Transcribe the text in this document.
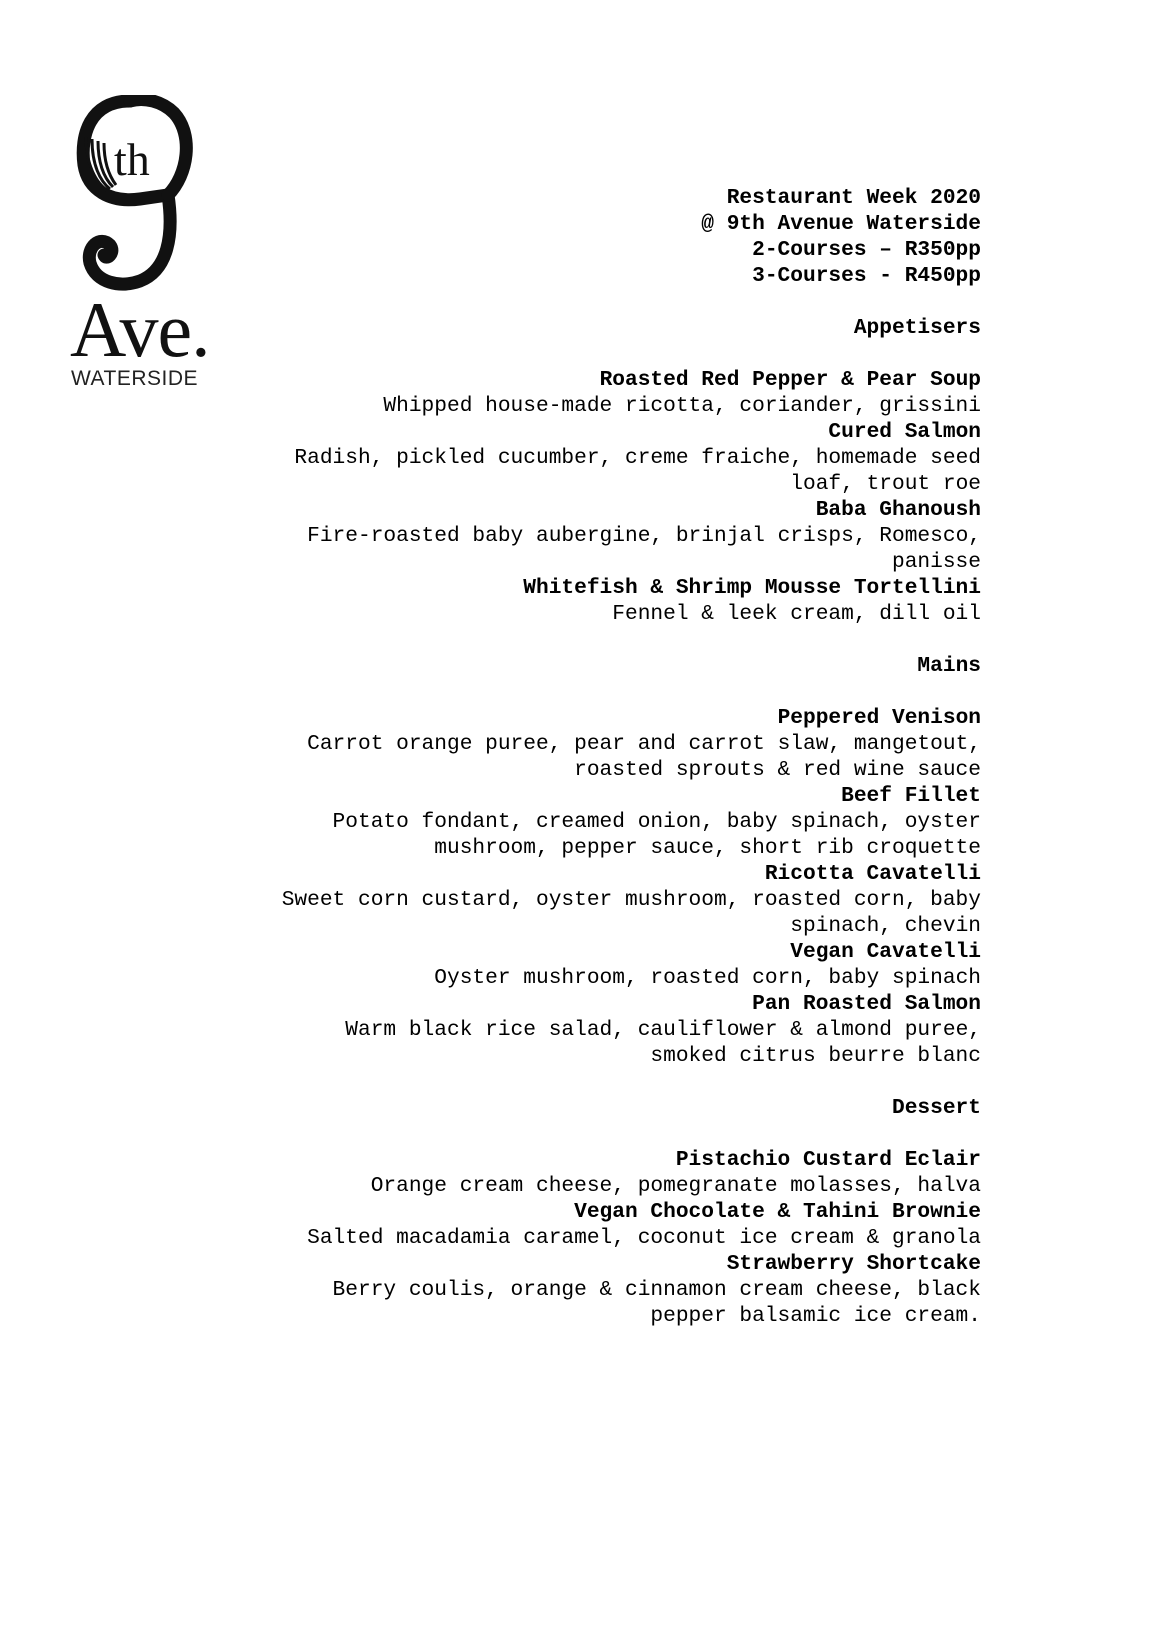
th
Ave.
WATERSIDE
Restaurant Week 2020
@ 9th Avenue Waterside
2-Courses – R350pp
3-Courses - R450pp
Appetisers
Roasted Red Pepper & Pear Soup
Whipped house-made ricotta, coriander, grissini
Cured Salmon
Radish, pickled cucumber, creme fraiche, homemade seed
loaf, trout roe
Baba Ghanoush
Fire-roasted baby aubergine, brinjal crisps, Romesco,
panisse
Whitefish & Shrimp Mousse Tortellini
Fennel & leek cream, dill oil
Mains
Peppered Venison
Carrot orange puree, pear and carrot slaw, mangetout,
roasted sprouts & red wine sauce
Beef Fillet
Potato fondant, creamed onion, baby spinach, oyster
mushroom, pepper sauce, short rib croquette
Ricotta Cavatelli
Sweet corn custard, oyster mushroom, roasted corn, baby
spinach, chevin
Vegan Cavatelli
Oyster mushroom, roasted corn, baby spinach
Pan Roasted Salmon
Warm black rice salad, cauliflower & almond puree,
smoked citrus beurre blanc
Dessert
Pistachio Custard Eclair
Orange cream cheese, pomegranate molasses, halva
Vegan Chocolate & Tahini Brownie
Salted macadamia caramel, coconut ice cream & granola
Strawberry Shortcake
Berry coulis, orange & cinnamon cream cheese, black
pepper balsamic ice cream.
